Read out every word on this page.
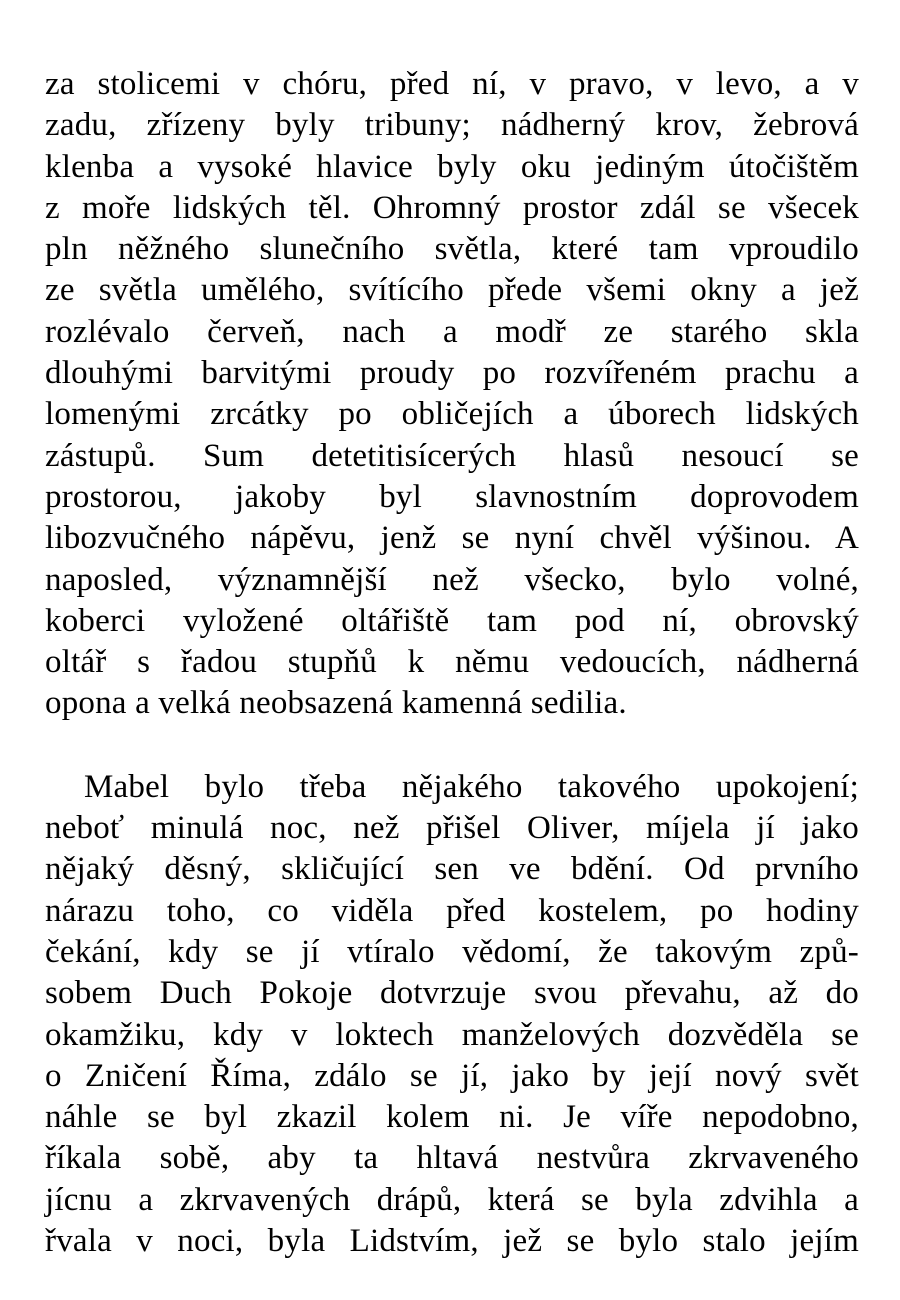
za stolicemi v chóru, před ní, v pravo, v levo, a v
zadu, zřízeny byly tribuny; nádherný krov, žebrová
klenba a vysoké hlavice byly oku jediným útočištěm
z moře lidských těl. Ohromný prostor zdál se všecek
pln něžného slunečního světla, které tam vproudilo
ze světla umělého, svítícího přede všemi okny a jež
rozlévalo červeň, nach a modř ze starého skla
dlouhými barvitými proudy po rozvířeném prachu a
lomenými zrcátky po obličejích a úborech lidských
zástupů. Sum detetitisícerých hlasů nesoucí se
prostorou, jakoby byl slavnostním doprovodem
libozvučného nápěvu, jenž se nyní chvěl výšinou. A
naposled, významnější než všecko, bylo volné,
koberci vyložené oltářiště tam pod ní, obrovský
oltář s řadou stupňů k němu vedoucích, nádherná
opona a velká neobsazená kamenná sedilia.
Mabel bylo třeba nějakého takového upokojení;
neboť minulá noc, než přišel Oliver, míjela jí jako
nějaký děsný, skličující sen ve bdění. Od prvního
nárazu toho, co viděla před kostelem, po hodiny
čekání, kdy se jí vtíralo vědomí, že takovým způ-
sobem Duch Pokoje dotvrzuje svou převahu, až do
okamžiku, kdy v loktech manželových dozvěděla se
o Zničení Říma, zdálo se jí, jako by její nový svět
náhle se byl zkazil kolem ni. Je víře nepodobno,
říkala sobě, aby ta hltavá nestvůra zkrvaveného
jícnu a zkrvavených drápů, která se byla zdvihla a
řvala v noci, byla Lidstvím, jež se bylo stalo jejím
